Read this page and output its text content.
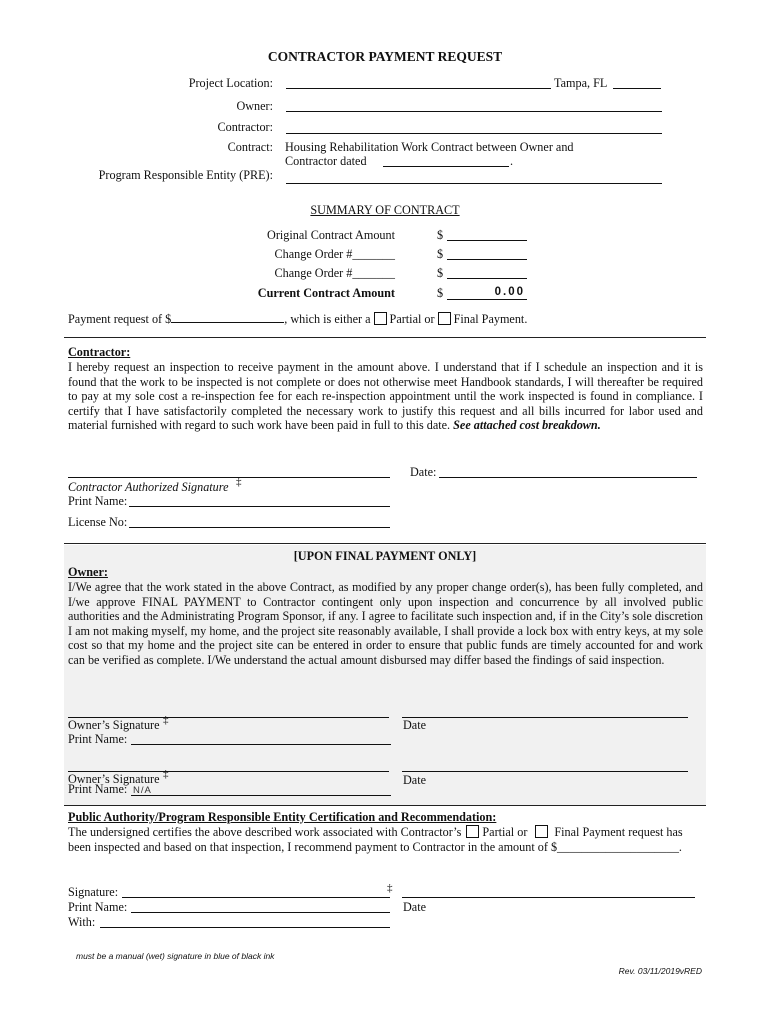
CONTRACTOR PAYMENT REQUEST
Project Location:	Tampa, FL
Owner:
Contractor:
Contract: Housing Rehabilitation Work Contract between Owner and
Contractor dated	.
Program Responsible Entity (PRE):
SUMMARY OF CONTRACT
Original Contract Amount	$
Change Order #_______	$
Change Order #_______	$
Current Contract Amount	$	0.00
Payment request of $	, which is either a Partial or Final Payment.
Contractor:
I hereby request an inspection to receive payment in the amount above. I understand that if I schedule an inspection and it is found that the work to be inspected is not complete or does not otherwise meet Handbook standards, I will thereafter be required to pay at my sole cost a re-inspection fee for each re-inspection appointment until the work inspected is found in compliance. I certify that I have satisfactorily completed the necessary work to justify this request and all bills incurred for labor used and material furnished with regard to such work have been paid in full to this date. See attached cost breakdown.
Date:
Contractor Authorized Signature ‡
Print Name:
License No:
[UPON FINAL PAYMENT ONLY]
Owner:
I/We agree that the work stated in the above Contract, as modified by any proper change order(s), has been fully completed, and I/we approve FINAL PAYMENT to Contractor contingent only upon inspection and concurrence by all involved public authorities and the Administrating Program Sponsor, if any. I agree to facilitate such inspection and, if in the City’s sole discretion I am not making myself, my home, and the project site reasonably available, I shall provide a lock box with entry keys, at my sole cost so that my home and the project site can be entered in order to ensure that public funds are timely accounted for and work can be verified as complete. I/We understand the actual amount disbursed may differ based the findings of said inspection.
Owner’s Signature ‡	Date
Print Name:
Owner’s Signature ‡	Date
Print Name: N/A
Public Authority/Program Responsible Entity Certification and Recommendation:
The undersigned certifies the above described work associated with Contractor’s Partial or Final Payment request has
been inspected and based on that inspection, I recommend payment to Contractor in the amount of $____________________.
Signature:	‡
Print Name:	Date
With:
must be a manual (wet) signature in blue of black ink
Rev. 03/11/2019vRED
